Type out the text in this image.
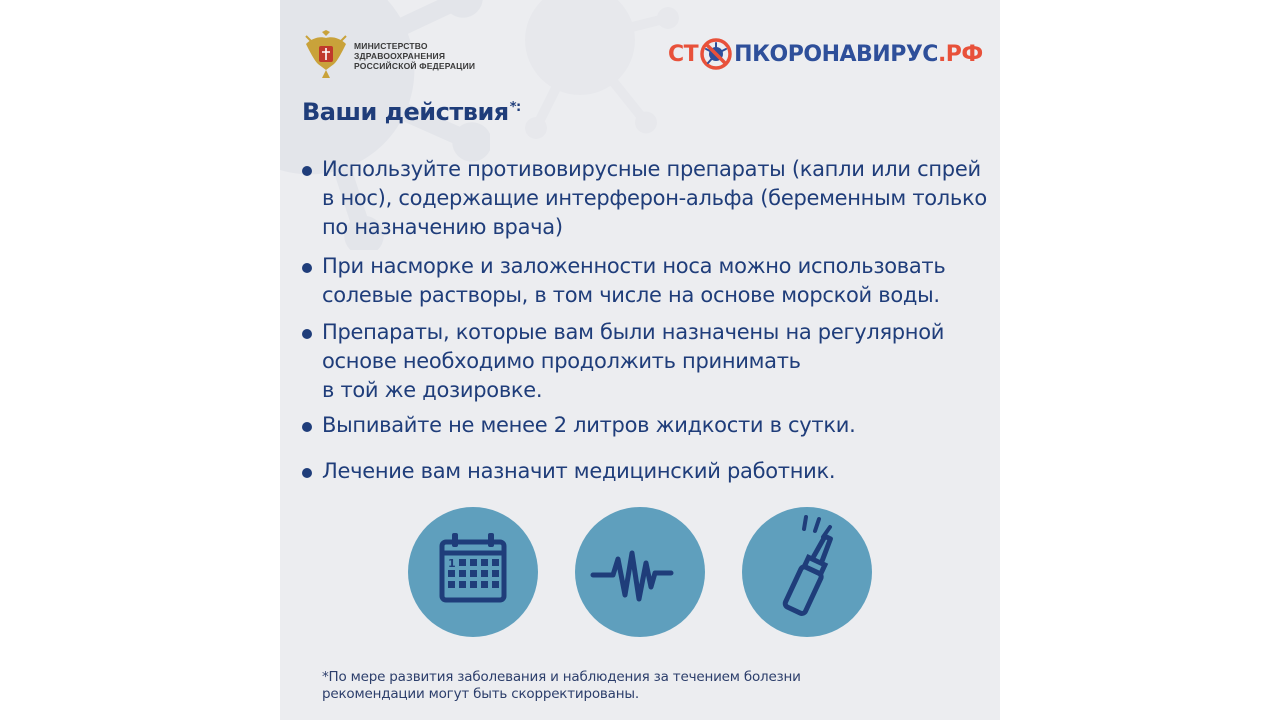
МИНИСТЕРСТВО
ЗДРАВООХРАНЕНИЯ
РОССИЙСКОЙ ФЕДЕРАЦИИ	СТ ПКОРОНАВИРУС .РФ
Ваши действия*:
Используйте противовирусные препараты (капли или спрей
в нос), содержащие интерферон-альфа (беременным только
по назначению врача)
При насморке и заложенности носа можно использовать
солевые растворы, в том числе на основе морской воды.
Препараты, которые вам были назначены на регулярной
основе необходимо продолжить принимать
в той же дозировке.
Выпивайте не менее 2 литров жидкости в сутки.
Лечение вам назначит медицинский работник.
1
*По мере развития заболевания и наблюдения за течением болезни
рекомендации могут быть скорректированы.
